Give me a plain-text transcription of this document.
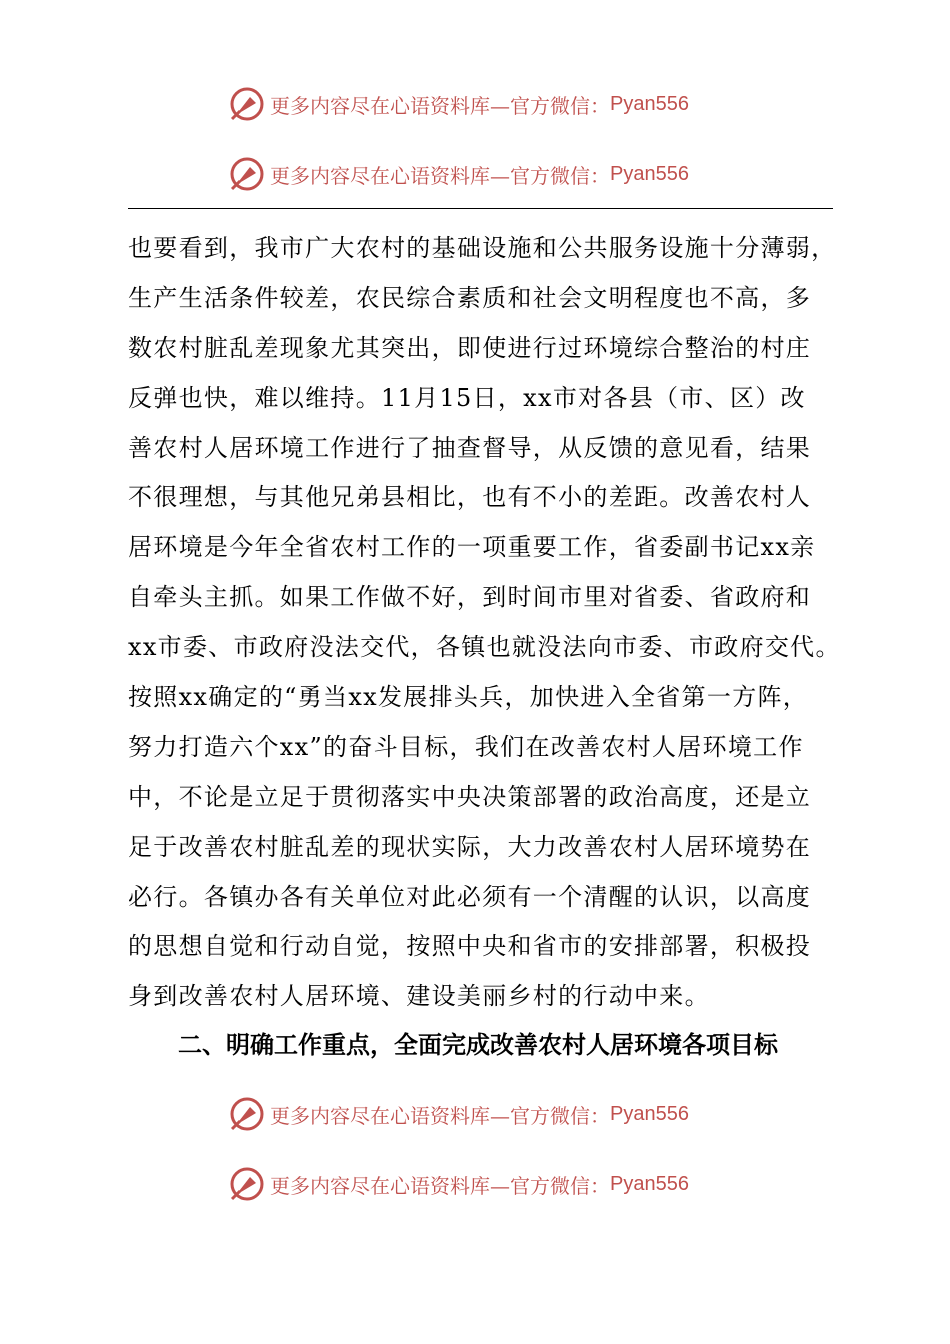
更多内容尽在心语资料库—官方微信： Pyan556
更多内容尽在心语资料库—官方微信： Pyan556
也要看到，我市广大农村的基础设施和公共服务设施十分薄弱，
生产生活条件较差，农民综合素质和社会文明程度也不高，多
数农村脏乱差现象尤其突出，即使进行过环境综合整治的村庄
反弹也快，难以维持。11月15日，xx市对各县（市、区）改
善农村人居环境工作进行了抽查督导，从反馈的意见看，结果
不很理想，与其他兄弟县相比，也有不小的差距。改善农村人
居环境是今年全省农村工作的一项重要工作，省委副书记xx亲
自牵头主抓。如果工作做不好，到时间市里对省委、省政府和
xx市委、市政府没法交代，各镇也就没法向市委、市政府交代。
按照xx确定的“勇当xx发展排头兵，加快进入全省第一方阵，
努力打造六个xx”的奋斗目标，我们在改善农村人居环境工作
中，不论是立足于贯彻落实中央决策部署的政治高度，还是立
足于改善农村脏乱差的现状实际，大力改善农村人居环境势在
必行。各镇办各有关单位对此必须有一个清醒的认识，以高度
的思想自觉和行动自觉，按照中央和省市的安排部署，积极投
身到改善农村人居环境、建设美丽乡村的行动中来。
二、明确工作重点，全面完成改善农村人居环境各项目标
更多内容尽在心语资料库—官方微信： Pyan556
更多内容尽在心语资料库—官方微信： Pyan556
